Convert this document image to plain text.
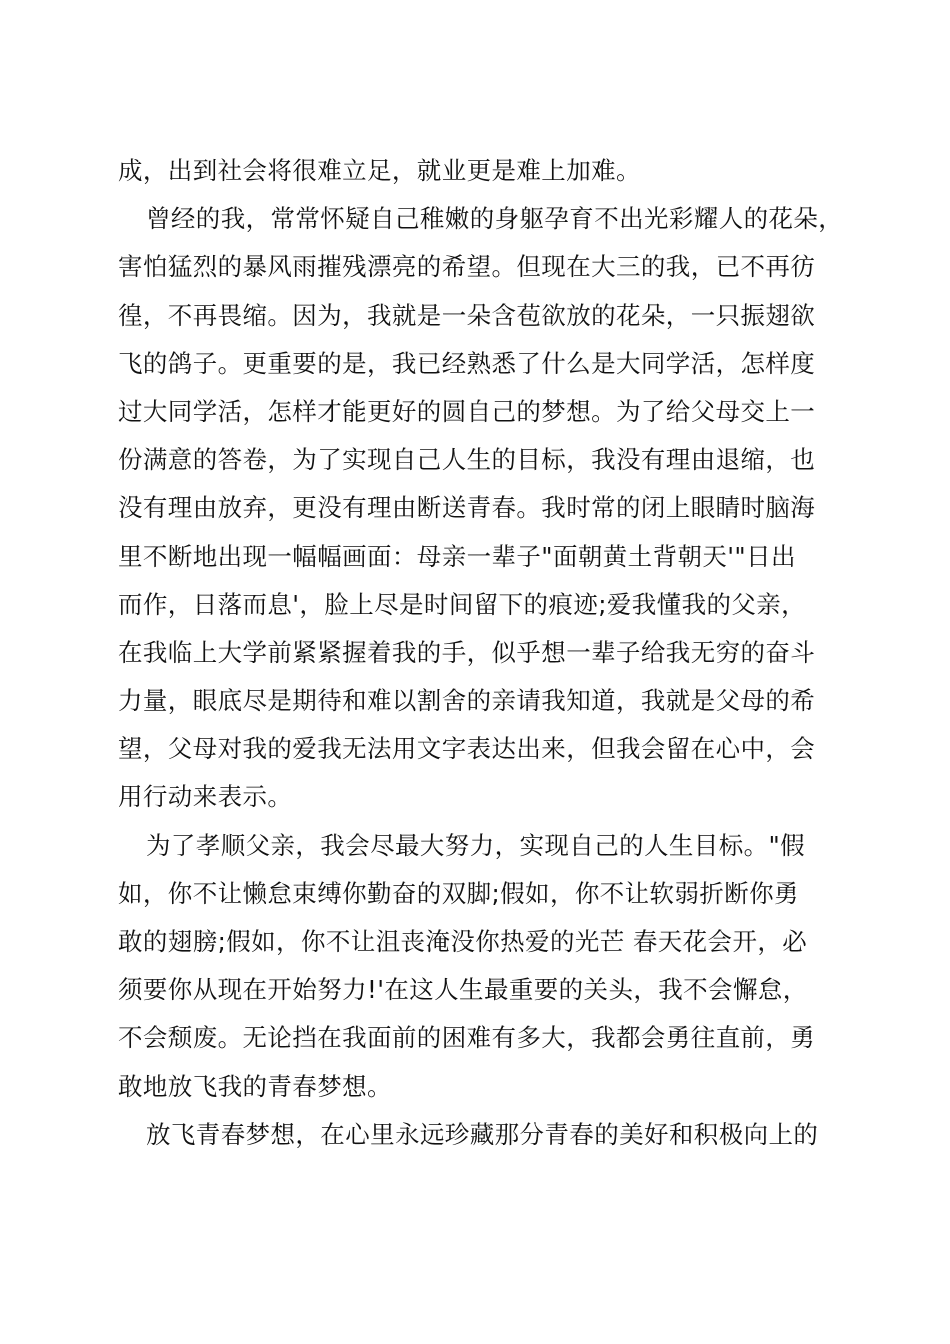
成，出到社会将很难立足，就业更是难上加难。
曾经的我，常常怀疑自己稚嫩的身躯孕育不出光彩耀人的花朵，
害怕猛烈的暴风雨摧残漂亮的希望。但现在大三的我，已不再彷
徨，不再畏缩。因为，我就是一朵含苞欲放的花朵，一只振翅欲
飞的鸽子。更重要的是，我已经熟悉了什么是大同学活，怎样度
过大同学活，怎样才能更好的圆自己的梦想。为了给父母交上一
份满意的答卷，为了实现自己人生的目标，我没有理由退缩，也
没有理由放弃，更没有理由断送青春。我时常的闭上眼睛时脑海
里不断地出现一幅幅画面：母亲一辈子"面朝黄土背朝天'"日出
而作，日落而息'，脸上尽是时间留下的痕迹;爱我懂我的父亲，
在我临上大学前紧紧握着我的手，似乎想一辈子给我无穷的奋斗
力量，眼底尽是期待和难以割舍的亲请我知道，我就是父母的希
望，父母对我的爱我无法用文字表达出来，但我会留在心中，会
用行动来表示。
为了孝顺父亲，我会尽最大努力，实现自己的人生目标。"假
如，你不让懒怠束缚你勤奋的双脚;假如，你不让软弱折断你勇
敢的翅膀;假如，你不让沮丧淹没你热爱的光芒 春天花会开，必
须要你从现在开始努力!'在这人生最重要的关头，我不会懈怠，
不会颓废。无论挡在我面前的困难有多大，我都会勇往直前，勇
敢地放飞我的青春梦想。
放飞青春梦想，在心里永远珍藏那分青春的美好和积极向上的
